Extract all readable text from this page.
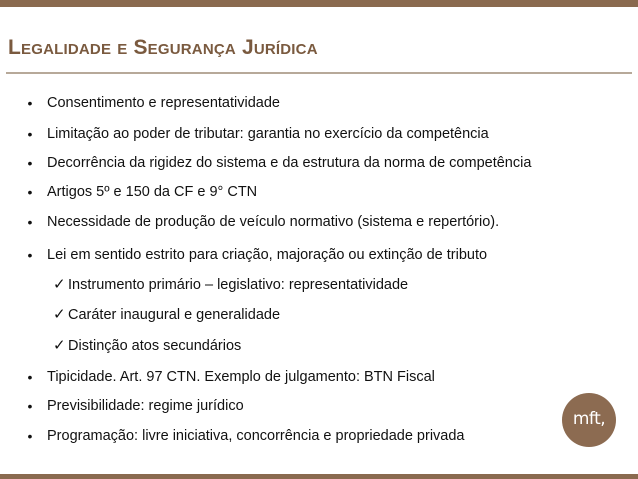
Legalidade e Segurança Jurídica
• Consentimento e representatividade
• Limitação ao poder de tributar: garantia no exercício da competência
• Decorrência da rigidez do sistema e da estrutura da norma de competência
• Artigos 5º e 150 da CF e 9° CTN
• Necessidade de produção de veículo normativo (sistema e repertório).
• Lei em sentido estrito para criação, majoração ou extinção de tributo
✓ Instrumento primário – legislativo: representatividade
✓ Caráter inaugural e generalidade
✓ Distinção atos secundários
• Tipicidade. Art. 97 CTN. Exemplo de julgamento: BTN Fiscal
• Previsibilidade: regime jurídico
• Programação: livre iniciativa, concorrência e propriedade privada
mft,
